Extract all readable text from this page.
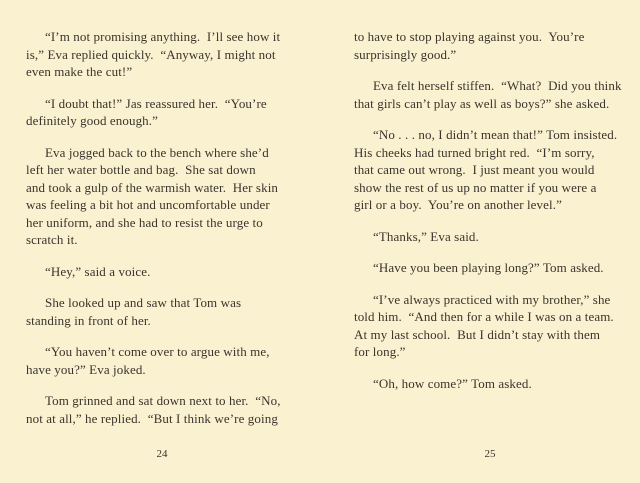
“I’m not promising anything.  I’ll see how it
is,” Eva replied quickly.  “Anyway, I might not
even make the cut!”
“I doubt that!” Jas reassured her.  “You’re
definitely good enough.”
Eva jogged back to the bench where she’d
left her water bottle and bag.  She sat down
and took a gulp of the warmish water.  Her skin
was feeling a bit hot and uncomfortable under
her uniform, and she had to resist the urge to
scratch it.
“Hey,” said a voice.
She looked up and saw that Tom was
standing in front of her.
“You haven’t come over to argue with me,
have you?” Eva joked.
Tom grinned and sat down next to her.  “No,
not at all,” he replied.  “But I think we’re going
24
to have to stop playing against you.  You’re
surprisingly good.”
Eva felt herself stiffen.  “What?  Did you think
that girls can’t play as well as boys?” she asked.
“No . . . no, I didn’t mean that!” Tom insisted.
His cheeks had turned bright red.  “I’m sorry,
that came out wrong.  I just meant you would
show the rest of us up no matter if you were a
girl or a boy.  You’re on another level.”
“Thanks,” Eva said.
“Have you been playing long?” Tom asked.
“I’ve always practiced with my brother,” she
told him.  “And then for a while I was on a team.
At my last school.  But I didn’t stay with them
for long.”
“Oh, how come?” Tom asked.
25
